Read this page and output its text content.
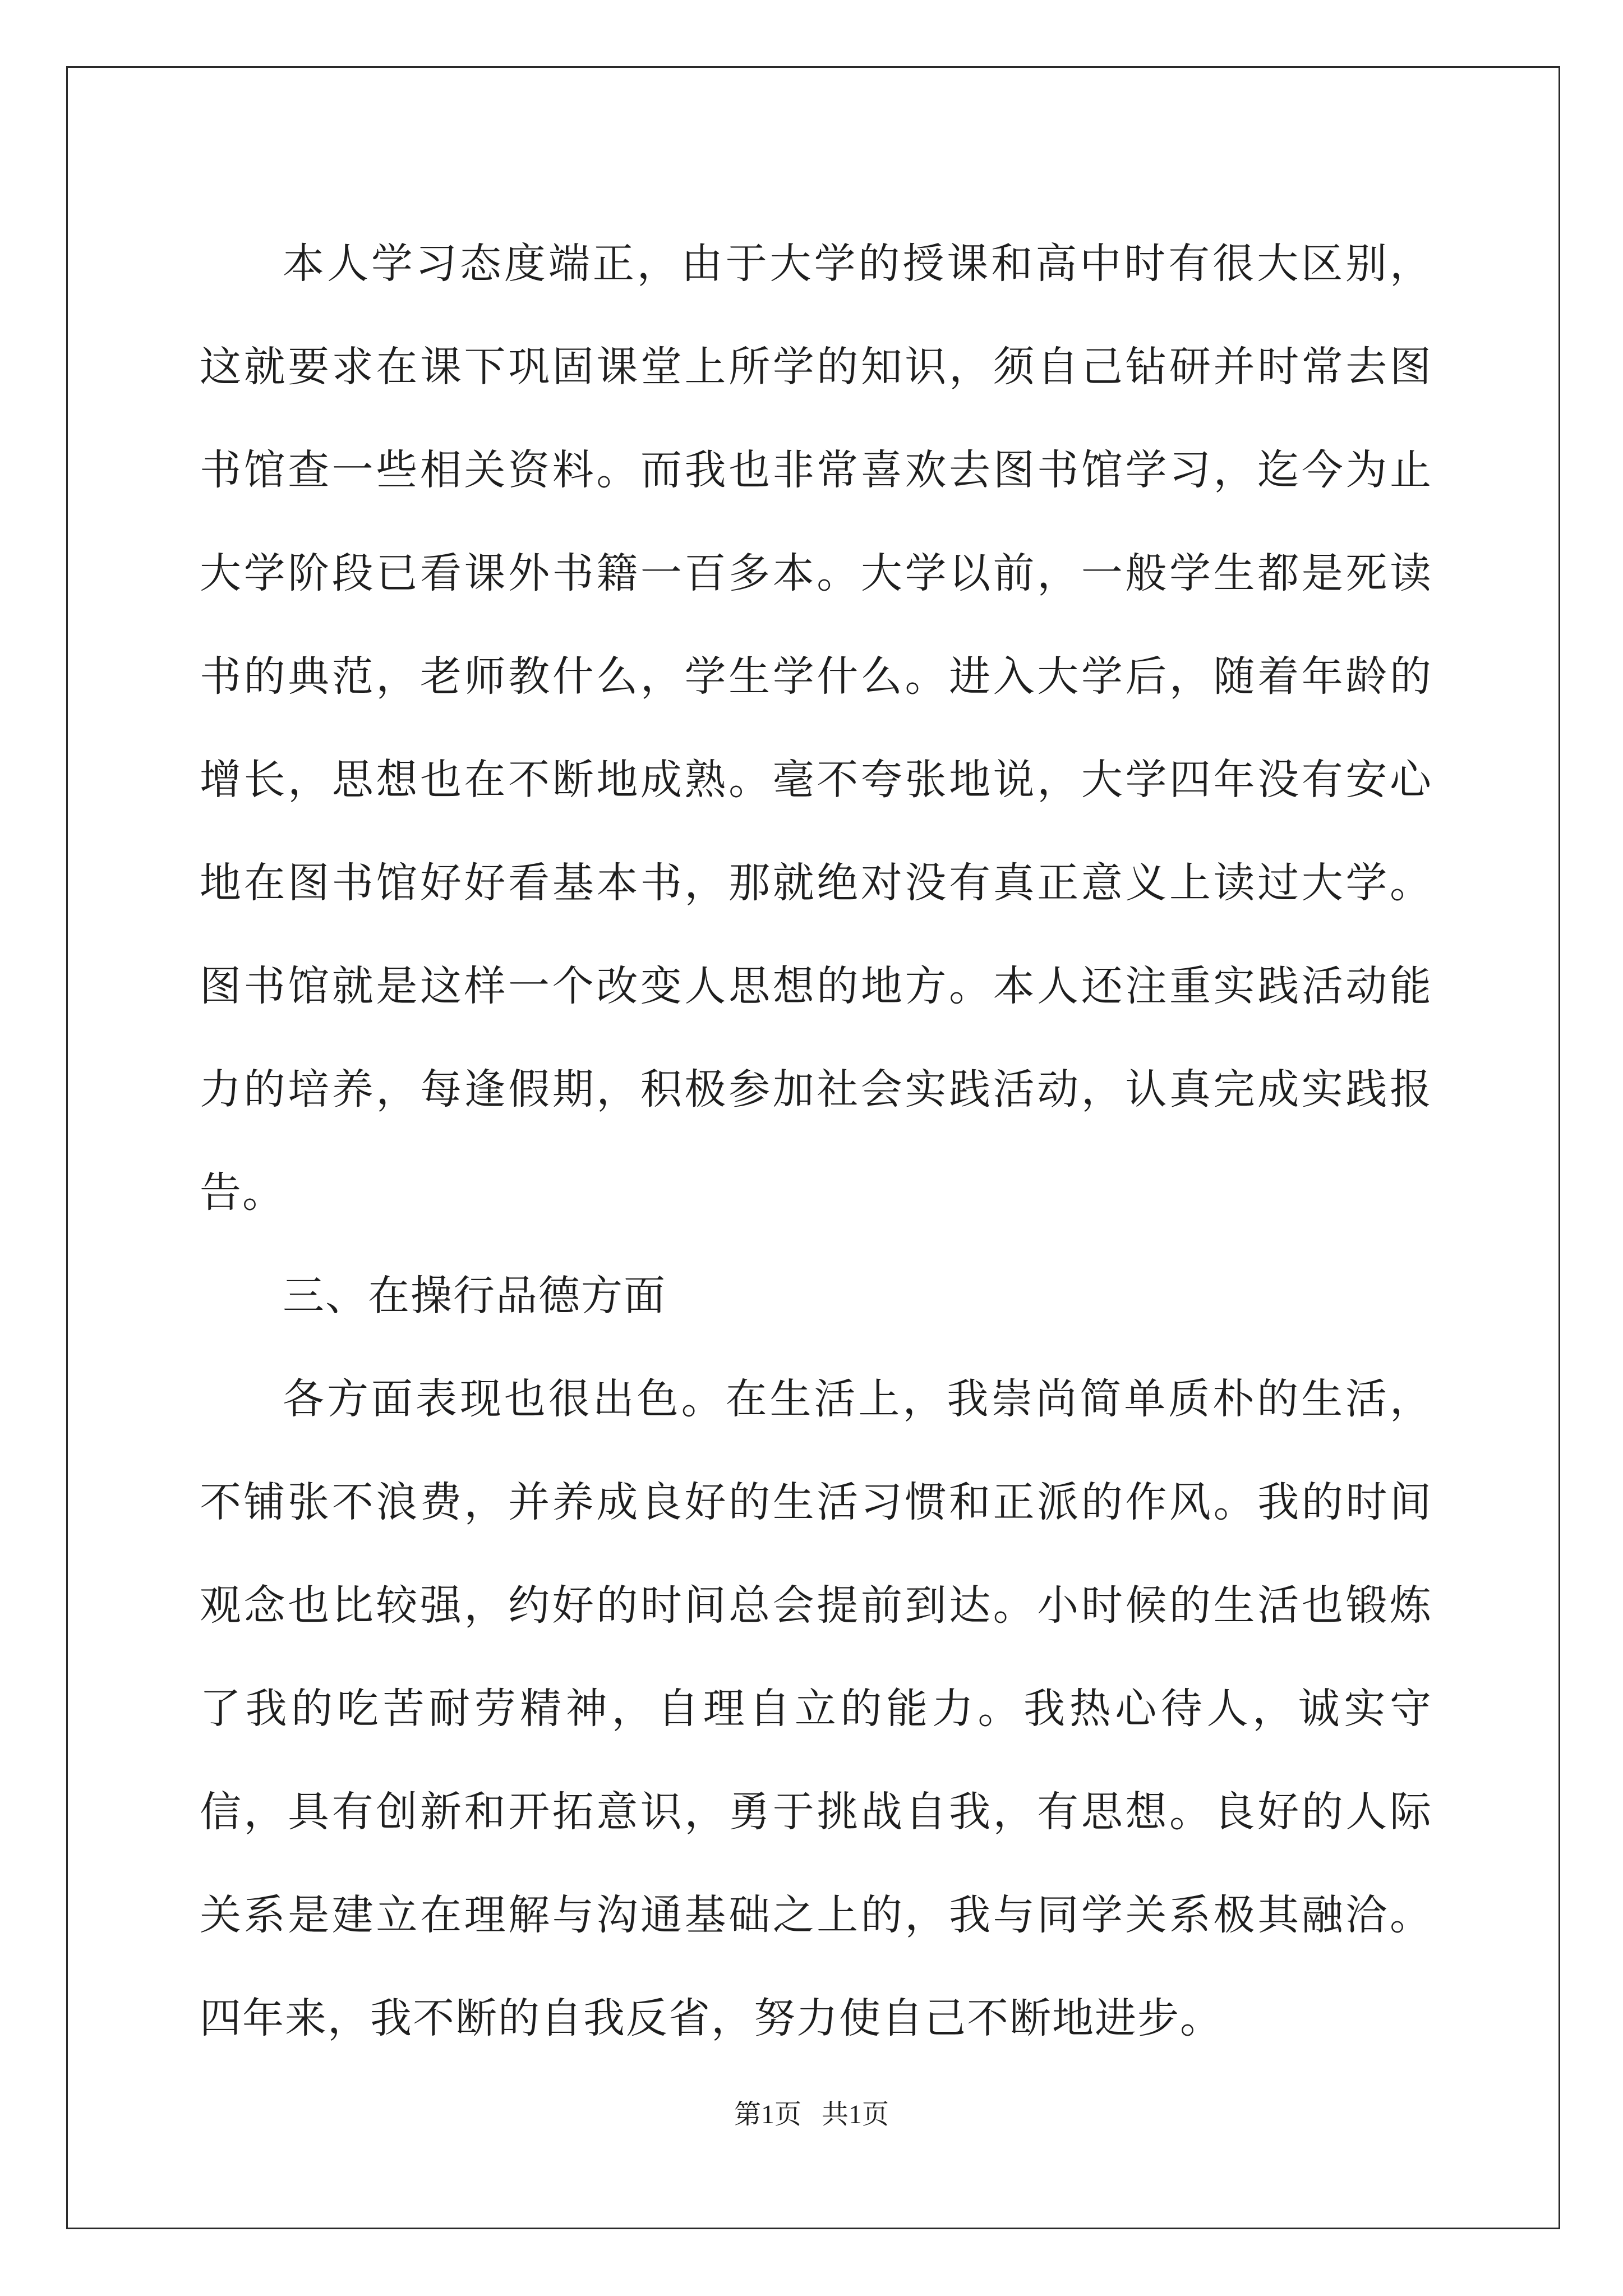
本人学习态度端正，由于大学的授课和高中时有很大区别，这就要求在课下巩固课堂上所学的知识，须自己钻研并时常去图书馆查一些相关资料。而我也非常喜欢去图书馆学习，迄今为止大学阶段已看课外书籍一百多本。大学以前，一般学生都是死读书的典范，老师教什么，学生学什么。进入大学后，随着年龄的增长，思想也在不断地成熟。毫不夸张地说，大学四年没有安心地在图书馆好好看基本书，那就绝对没有真正意义上读过大学。图书馆就是这样一个改变人思想的地方。本人还注重实践活动能力的培养，每逢假期，积极参加社会实践活动，认真完成实践报告。

三、在操行品德方面

各方面表现也很出色。在生活上，我崇尚简单质朴的生活，不铺张不浪费，并养成良好的生活习惯和正派的作风。我的时间观念也比较强，约好的时间总会提前到达。小时候的生活也锻炼了我的吃苦耐劳精神，自理自立的能力。我热心待人，诚实守信，具有创新和开拓意识，勇于挑战自我，有思想。良好的人际关系是建立在理解与沟通基础之上的，我与同学关系极其融洽。四年来，我不断的自我反省，努力使自己不断地进步。

第1页 共1页
